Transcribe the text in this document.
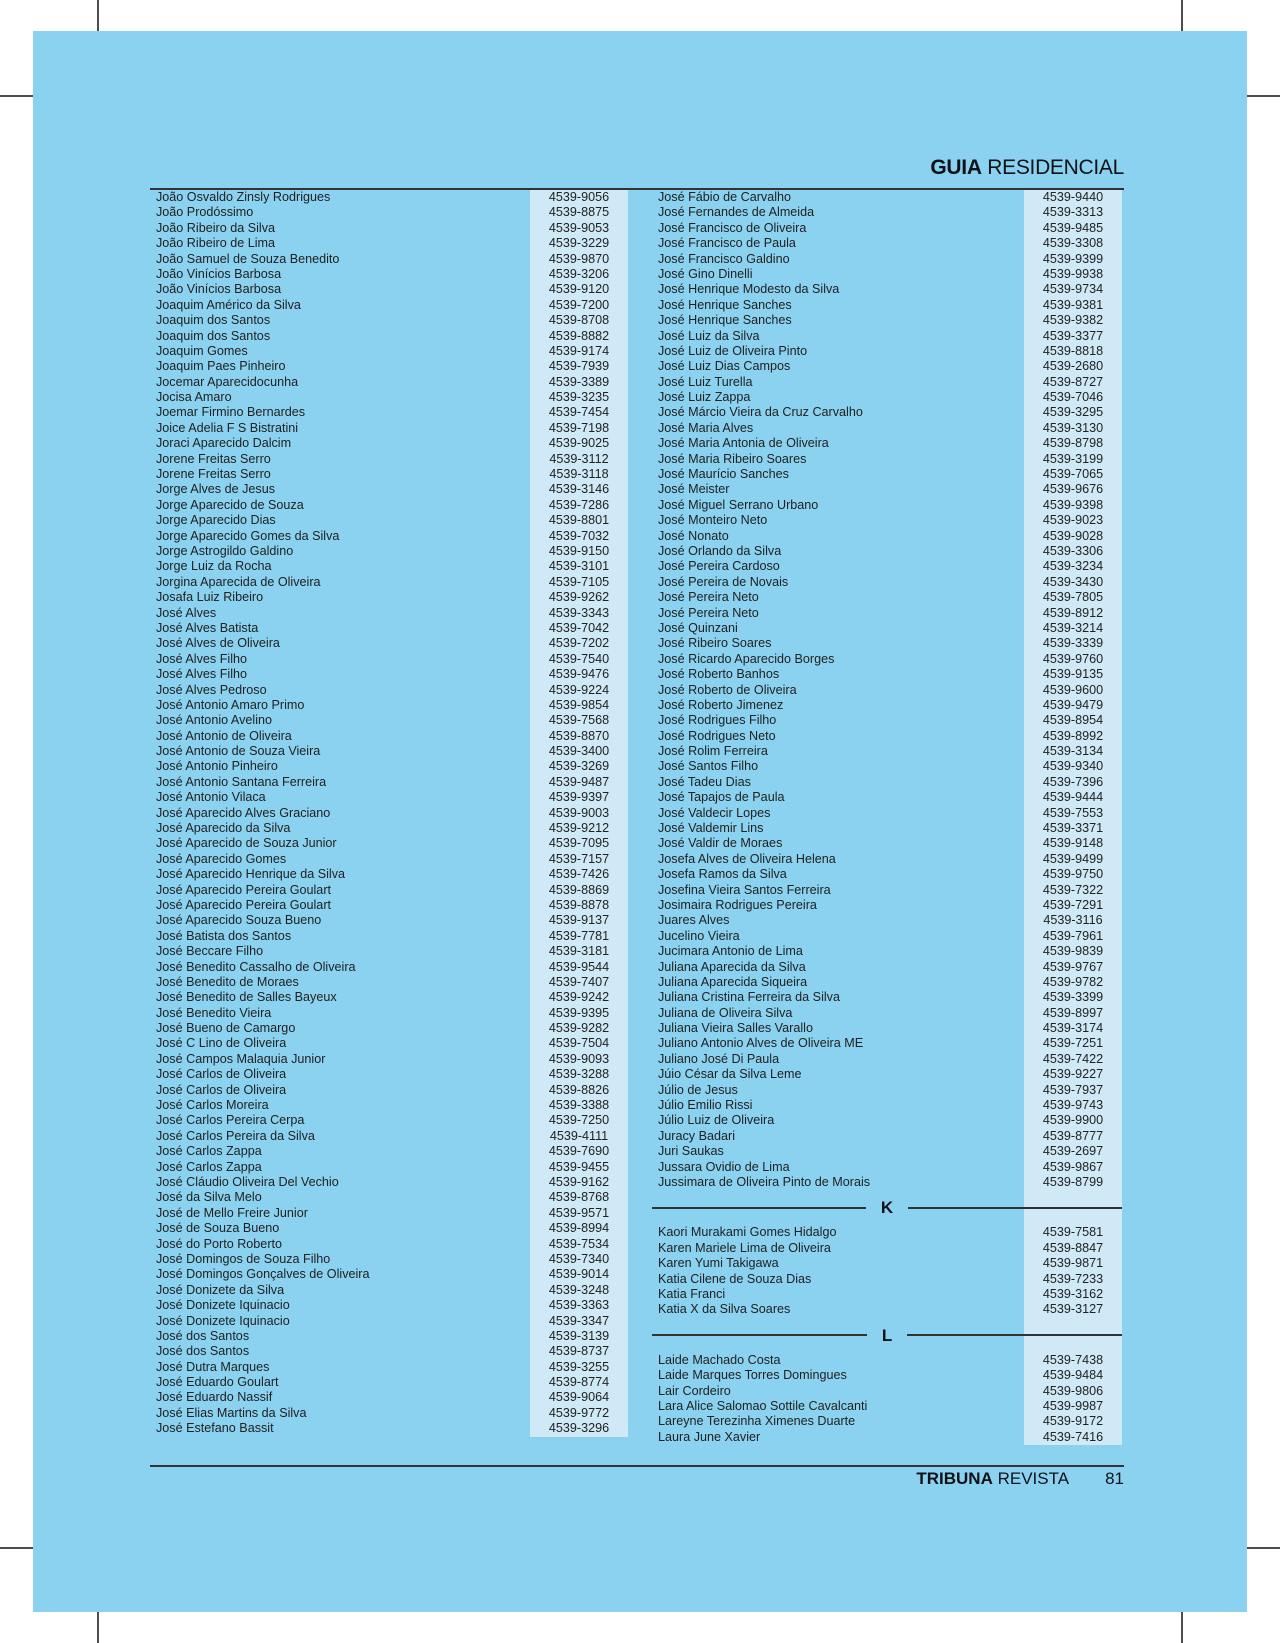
GUIA RESIDENCIAL
João Osvaldo Zinsly Rodrigues	4539-9056
João Prodóssimo	4539-8875
João Ribeiro da Silva	4539-9053
João Ribeiro de Lima	4539-3229
João Samuel de Souza Benedito	4539-9870
João Vinícios Barbosa	4539-3206
João Vinícios Barbosa	4539-9120
Joaquim Américo da Silva	4539-7200
Joaquim dos Santos	4539-8708
Joaquim dos Santos	4539-8882
Joaquim Gomes	4539-9174
Joaquim Paes Pinheiro	4539-7939
Jocemar Aparecidocunha	4539-3389
Jocisa Amaro	4539-3235
Joemar Firmino Bernardes	4539-7454
Joice Adelia F S Bistratini	4539-7198
Joraci Aparecido Dalcim	4539-9025
Jorene Freitas Serro	4539-3112
Jorene Freitas Serro	4539-3118
Jorge Alves de Jesus	4539-3146
Jorge Aparecido de Souza	4539-7286
Jorge Aparecido Dias	4539-8801
Jorge Aparecido Gomes da Silva	4539-7032
Jorge Astrogildo Galdino	4539-9150
Jorge Luiz da Rocha	4539-3101
Jorgina Aparecida de Oliveira	4539-7105
Josafa Luiz Ribeiro	4539-9262
José Alves	4539-3343
José Alves Batista	4539-7042
José Alves de Oliveira	4539-7202
José Alves Filho	4539-7540
José Alves Filho	4539-9476
José Alves Pedroso	4539-9224
José Antonio Amaro Primo	4539-9854
José Antonio Avelino	4539-7568
José Antonio de Oliveira	4539-8870
José Antonio de Souza Vieira	4539-3400
José Antonio Pinheiro	4539-3269
José Antonio Santana Ferreira	4539-9487
José Antonio Vilaca	4539-9397
José Aparecido Alves Graciano	4539-9003
José Aparecido da Silva	4539-9212
José Aparecido de Souza Junior	4539-7095
José Aparecido Gomes	4539-7157
José Aparecido Henrique da Silva	4539-7426
José Aparecido Pereira Goulart	4539-8869
José Aparecido Pereira Goulart	4539-8878
José Aparecido Souza Bueno	4539-9137
José Batista dos Santos	4539-7781
José Beccare Filho	4539-3181
José Benedito Cassalho de Oliveira	4539-9544
José Benedito de Moraes	4539-7407
José Benedito de Salles Bayeux	4539-9242
José Benedito Vieira	4539-9395
José Bueno de Camargo	4539-9282
José C Lino de Oliveira	4539-7504
José Campos Malaquia Junior	4539-9093
José Carlos de Oliveira	4539-3288
José Carlos de Oliveira	4539-8826
José Carlos Moreira	4539-3388
José Carlos Pereira Cerpa	4539-7250
José Carlos Pereira da Silva	4539-4111
José Carlos Zappa	4539-7690
José Carlos Zappa	4539-9455
José Cláudio Oliveira Del Vechio	4539-9162
José da Silva Melo	4539-8768
José de Mello Freire Junior	4539-9571
José de Souza Bueno	4539-8994
José do Porto Roberto	4539-7534
José Domingos de Souza Filho	4539-7340
José Domingos Gonçalves de Oliveira	4539-9014
José Donizete da Silva	4539-3248
José Donizete Iquinacio	4539-3363
José Donizete Iquinacio	4539-3347
José dos Santos	4539-3139
José dos Santos	4539-8737
José Dutra Marques	4539-3255
José Eduardo Goulart	4539-8774
José Eduardo Nassif	4539-9064
José Elias Martins da Silva	4539-9772
José Estefano Bassit	4539-3296
José Fábio de Carvalho	4539-9440
José Fernandes de Almeida	4539-3313
José Francisco de Oliveira	4539-9485
José Francisco de Paula	4539-3308
José Francisco Galdino	4539-9399
José Gino Dinelli	4539-9938
José Henrique Modesto da Silva	4539-9734
José Henrique Sanches	4539-9381
José Henrique Sanches	4539-9382
José Luiz da Silva	4539-3377
José Luiz de Oliveira Pinto	4539-8818
José Luiz Dias Campos	4539-2680
José Luiz Turella	4539-8727
José Luiz Zappa	4539-7046
José Márcio Vieira da Cruz Carvalho	4539-3295
José Maria Alves	4539-3130
José Maria Antonia de Oliveira	4539-8798
José Maria Ribeiro Soares	4539-3199
José Maurício Sanches	4539-7065
José Meister	4539-9676
José Miguel Serrano Urbano	4539-9398
José Monteiro Neto	4539-9023
José Nonato	4539-9028
José Orlando da Silva	4539-3306
José Pereira Cardoso	4539-3234
José Pereira de Novais	4539-3430
José Pereira Neto	4539-7805
José Pereira Neto	4539-8912
José Quinzani	4539-3214
José Ribeiro Soares	4539-3339
José Ricardo Aparecido Borges	4539-9760
José Roberto Banhos	4539-9135
José Roberto de Oliveira	4539-9600
José Roberto Jimenez	4539-9479
José Rodrigues Filho	4539-8954
José Rodrigues Neto	4539-8992
José Rolim Ferreira	4539-3134
José Santos Filho	4539-9340
José Tadeu Dias	4539-7396
José Tapajos de Paula	4539-9444
José Valdecir Lopes	4539-7553
José Valdemir Lins	4539-3371
José Valdir de Moraes	4539-9148
Josefa Alves de Oliveira Helena	4539-9499
Josefa Ramos da Silva	4539-9750
Josefina Vieira Santos Ferreira	4539-7322
Josimaira Rodrigues Pereira	4539-7291
Juares Alves	4539-3116
Jucelino Vieira	4539-7961
Jucimara Antonio de Lima	4539-9839
Juliana Aparecida da Silva	4539-9767
Juliana Aparecida Siqueira	4539-9782
Juliana Cristina Ferreira da Silva	4539-3399
Juliana de Oliveira Silva	4539-8997
Juliana Vieira Salles Varallo	4539-3174
Juliano Antonio Alves de Oliveira ME	4539-7251
Juliano José Di Paula	4539-7422
Júio César da Silva Leme	4539-9227
Júlio de Jesus	4539-7937
Júlio Emilio Rissi	4539-9743
Júlio Luiz de Oliveira	4539-9900
Juracy Badari	4539-8777
Juri Saukas	4539-2697
Jussara Ovidio de Lima	4539-9867
Jussimara de Oliveira Pinto de Morais	4539-8799
K
Kaori Murakami Gomes Hidalgo	4539-7581
Karen Mariele Lima de Oliveira	4539-8847
Karen Yumi Takigawa	4539-9871
Katia Cilene de Souza Dias	4539-7233
Katia Franci	4539-3162
Katia X da Silva Soares	4539-3127
L
Laide Machado Costa	4539-7438
Laide Marques Torres Domingues	4539-9484
Lair Cordeiro	4539-9806
Lara Alice Salomao Sottile Cavalcanti	4539-9987
Lareyne Terezinha Ximenes Duarte	4539-9172
Laura June Xavier	4539-7416
TRIBUNA REVISTA 81
